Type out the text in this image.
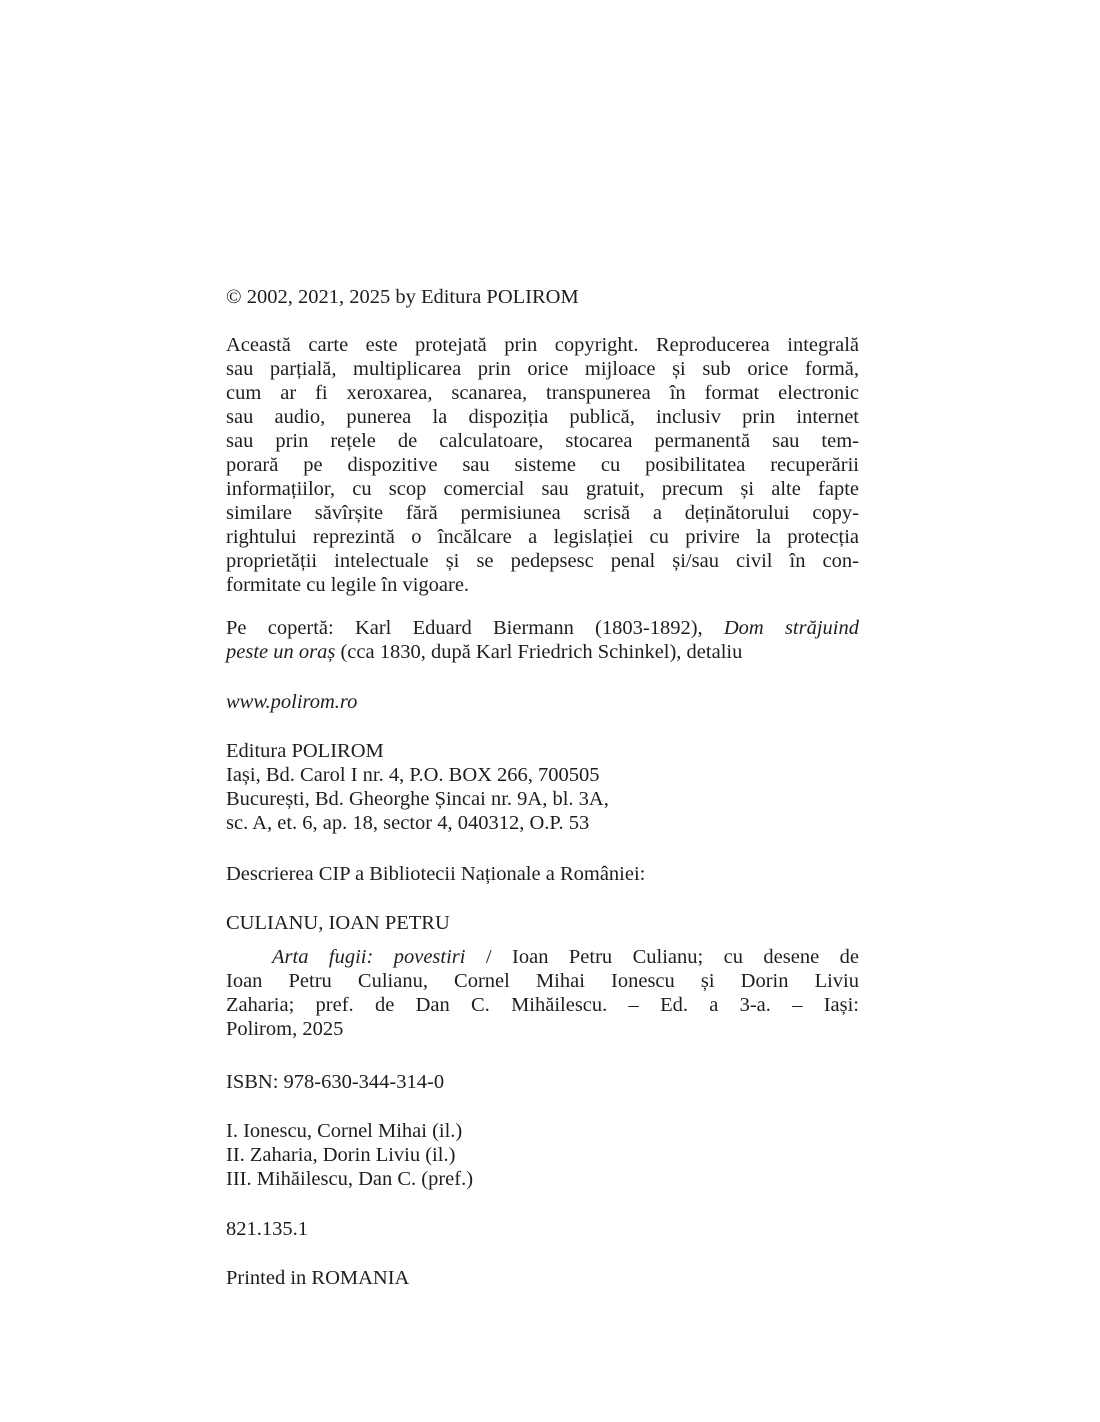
© 2002, 2021, 2025 by Editura POLIROM
Această carte este protejată prin copyright. Reproducerea integrală
sau parțială, multiplicarea prin orice mijloace și sub orice formă,
cum ar fi xeroxarea, scanarea, transpunerea în format electronic
sau audio, punerea la dispoziția publică, inclusiv prin internet
sau prin rețele de calculatoare, stocarea permanentă sau tem-
porară pe dispozitive sau sisteme cu posibilitatea recuperării
informațiilor, cu scop comercial sau gratuit, precum și alte fapte
similare săvîrșite fără permisiunea scrisă a deținătorului copy-
rightului reprezintă o încălcare a legislației cu privire la protecția
proprietății intelectuale și se pedepsesc penal și/sau civil în con-
formitate cu legile în vigoare.
Pe copertă: Karl Eduard Biermann (1803-1892), Dom străjuind
peste un oraș (cca 1830, după Karl Friedrich Schinkel), detaliu
www.polirom.ro
Editura POLIROM
Iași, Bd. Carol I nr. 4, P.O. BOX 266, 700505
București, Bd. Gheorghe Șincai nr. 9A, bl. 3A,
sc. A, et. 6, ap. 18, sector 4, 040312, O.P. 53
Descrierea CIP a Bibliotecii Naționale a României:
CULIANU, IOAN PETRU
Arta fugii: povestiri / Ioan Petru Culianu; cu desene de
Ioan Petru Culianu, Cornel Mihai Ionescu și Dorin Liviu
Zaharia; pref. de Dan C. Mihăilescu. – Ed. a 3-a. – Iași:
Polirom, 2025
ISBN: 978-630-344-314-0
I. Ionescu, Cornel Mihai (il.)
II. Zaharia, Dorin Liviu (il.)
III. Mihăilescu, Dan C. (pref.)
821.135.1
Printed in ROMANIA
